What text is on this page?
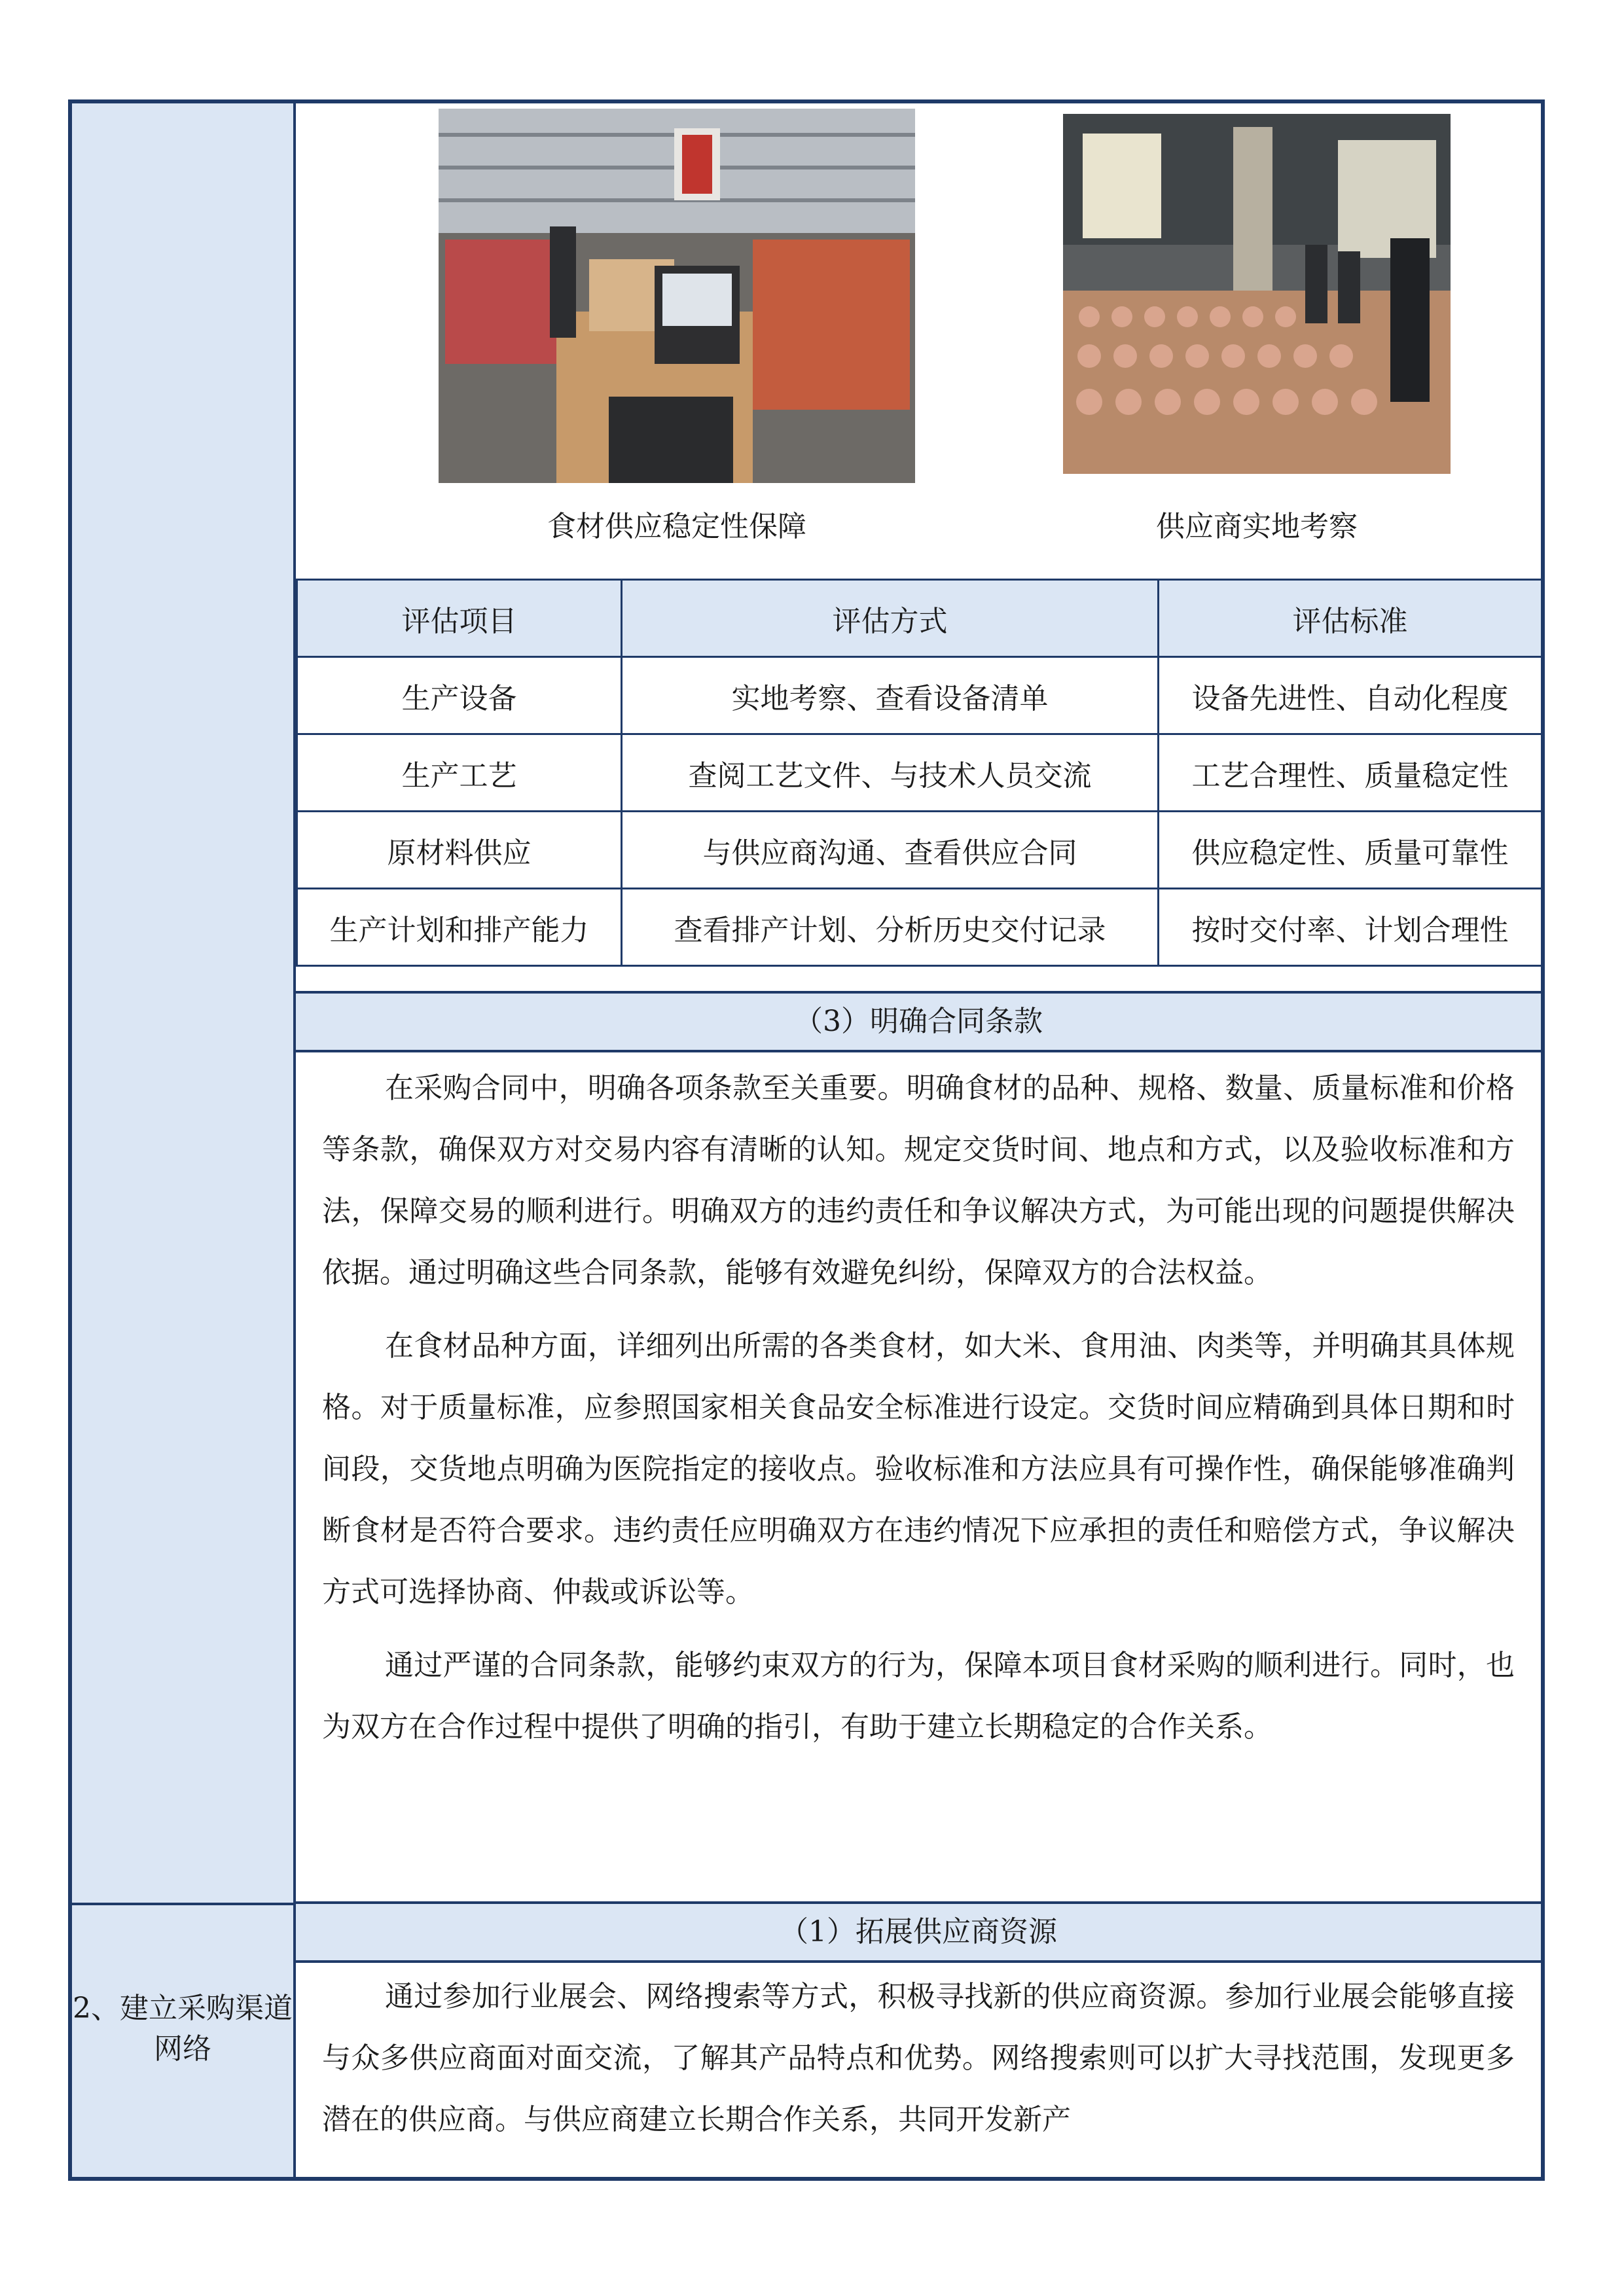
2、建立采购渠道网络
食材供应稳定性保障	供应商实地考察
评估项目	评估方式	评估标准
生产设备	实地考察、查看设备清单	设备先进性、自动化程度
生产工艺	查阅工艺文件、与技术人员交流	工艺合理性、质量稳定性
原材料供应	与供应商沟通、查看供应合同	供应稳定性、质量可靠性
生产计划和排产能力	查看排产计划、分析历史交付记录	按时交付率、计划合理性
（3）明确合同条款

在采购合同中，明确各项条款至关重要。明确食材的品种、规格、数量、质量标准和价格等条款，确保双方对交易内容有清晰的认知。规定交货时间、地点和方式，以及验收标准和方法，保障交易的顺利进行。明确双方的违约责任和争议解决方式，为可能出现的问题提供解决依据。通过明确这些合同条款，能够有效避免纠纷，保障双方的合法权益。

在食材品种方面，详细列出所需的各类食材，如大米、食用油、肉类等，并明确其具体规格。对于质量标准，应参照国家相关食品安全标准进行设定。交货时间应精确到具体日期和时间段，交货地点明确为医院指定的接收点。验收标准和方法应具有可操作性，确保能够准确判断食材是否符合要求。违约责任应明确双方在违约情况下应承担的责任和赔偿方式，争议解决方式可选择协商、仲裁或诉讼等。

通过严谨的合同条款，能够约束双方的行为，保障本项目食材采购的顺利进行。同时，也为双方在合作过程中提供了明确的指引，有助于建立长期稳定的合作关系。

（1）拓展供应商资源

通过参加行业展会、网络搜索等方式，积极寻找新的供应商资源。参加行业展会能够直接与众多供应商面对面交流，了解其产品特点和优势。网络搜索则可以扩大寻找范围，发现更多潜在的供应商。与供应商建立长期合作关系，共同开发新产
